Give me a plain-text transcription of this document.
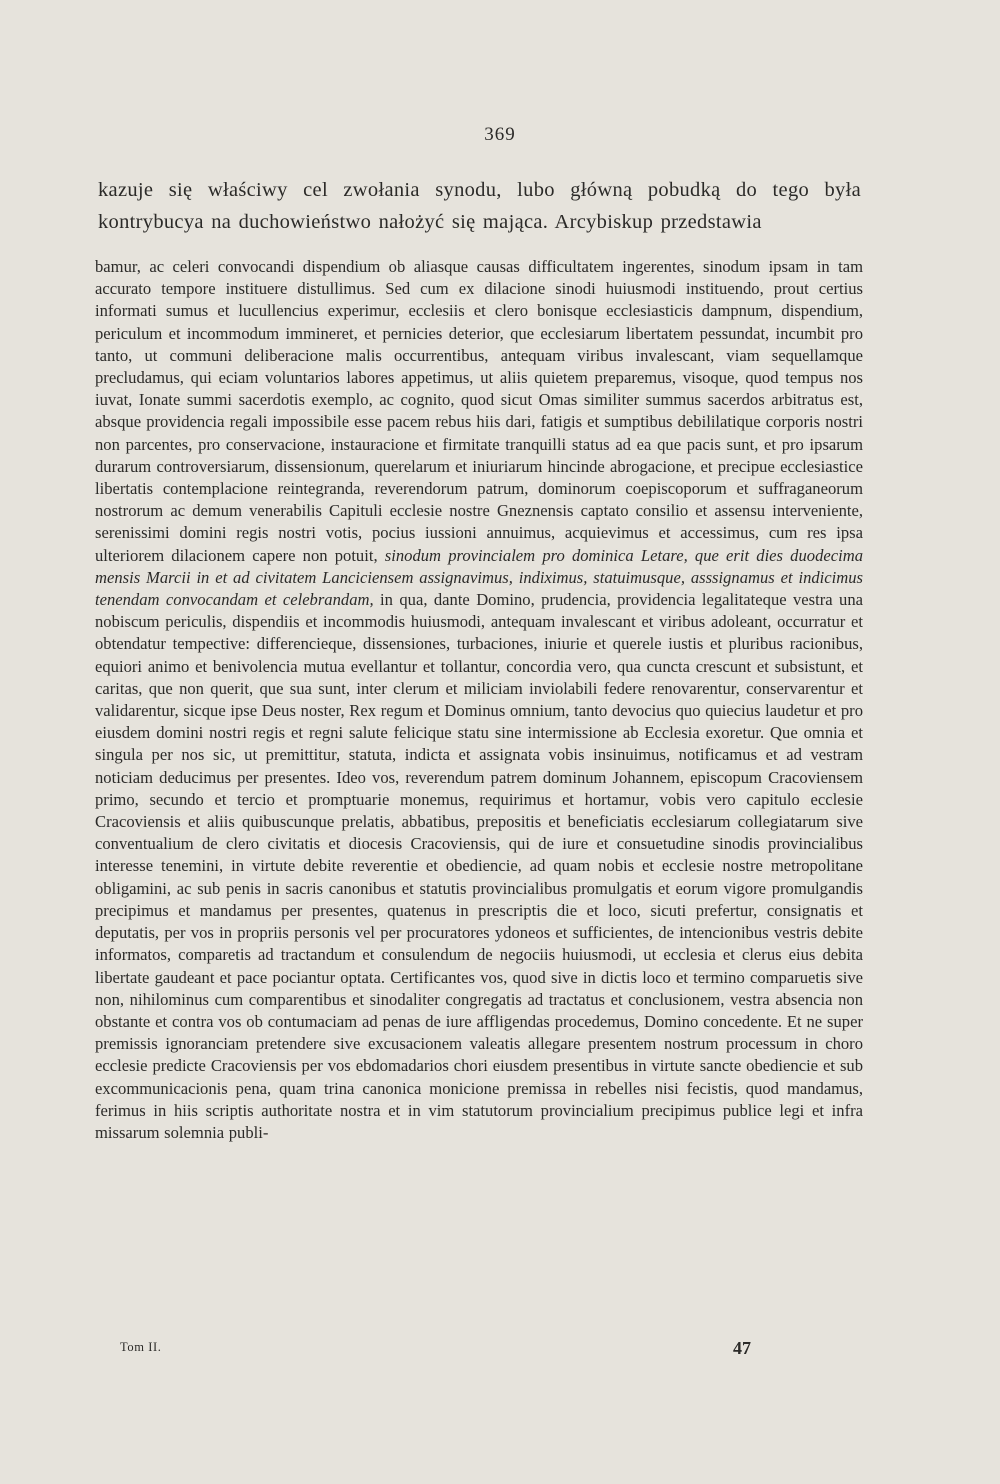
369
kazuje się właściwy cel zwołania synodu, lubo główną pobudką do tego była kontrybucya na duchowieństwo nałożyć się mająca. Arcybiskup przedstawia
bamur, ac celeri convocandi dispendium ob aliasque causas difficultatem ingerentes, sinodum ipsam in tam accurato tempore instituere distullimus. Sed cum ex dilacione sinodi huiusmodi instituendo, prout certius informati sumus et lucullencius experimur, ecclesiis et clero bonisque ecclesiasticis dampnum, dispendium, periculum et incommodum immineret, et pernicies deterior, que ecclesiarum libertatem pessundat, incumbit pro tanto, ut communi deliberacione malis occurrentibus, antequam viribus invalescant, viam sequellamque precludamus, qui eciam voluntarios labores appetimus, ut aliis quietem preparemus, visoque, quod tempus nos iuvat, Ionate summi sacerdotis exemplo, ac cognito, quod sicut Omas similiter summus sacerdos arbitratus est, absque providencia regali impossibile esse pacem rebus hiis dari, fatigis et sumptibus debililatique corporis nostri non parcentes, pro conservacione, instauracione et firmitate tranquilli status ad ea que pacis sunt, et pro ipsarum durarum controversiarum, dissensionum, querelarum et iniuriarum hincinde abrogacione, et precipue ecclesiastice libertatis contemplacione reintegranda, reverendorum patrum, dominorum coepiscoporum et suffraganeorum nostrorum ac demum venerabilis Capituli ecclesie nostre Gneznensis captato consilio et assensu interveniente, serenissimi domini regis nostri votis, pocius iussioni annuimus, acquievimus et accessimus, cum res ipsa ulteriorem dilacionem capere non potuit, sinodum provincialem pro dominica Letare, que erit dies duodecima mensis Marcii in et ad civitatem Lanciciensem assignavimus, indiximus, statuimusque, asssignamus et indicimus tenendam convocandam et celebrandam, in qua, dante Domino, prudencia, providencia legalitateque vestra una nobiscum periculis, dispendiis et incommodis huiusmodi, antequam invalescant et viribus adoleant, occurratur et obtendatur tempective: differencieque, dissensiones, turbaciones, iniurie et querele iustis et pluribus racionibus, equiori animo et benivolencia mutua evellantur et tollantur, concordia vero, qua cuncta crescunt et subsistunt, et caritas, que non querit, que sua sunt, inter clerum et miliciam inviolabili federe renovarentur, conservarentur et validarentur, sicque ipse Deus noster, Rex regum et Dominus omnium, tanto devocius quo quiecius laudetur et pro eiusdem domini nostri regis et regni salute felicique statu sine intermissione ab Ecclesia exoretur. Que omnia et singula per nos sic, ut premittitur, statuta, indicta et assignata vobis insinuimus, notificamus et ad vestram noticiam deducimus per presentes. Ideo vos, reverendum patrem dominum Johannem, episcopum Cracoviensem primo, secundo et tercio et promptuarie monemus, requirimus et hortamur, vobis vero capitulo ecclesie Cracoviensis et aliis quibuscunque prelatis, abbatibus, prepositis et beneficiatis ecclesiarum collegiatarum sive conventualium de clero civitatis et diocesis Cracoviensis, qui de iure et consuetudine sinodis provincialibus interesse tenemini, in virtute debite reverentie et obediencie, ad quam nobis et ecclesie nostre metropolitane obligamini, ac sub penis in sacris canonibus et statutis provincialibus promulgatis et eorum vigore promulgandis precipimus et mandamus per presentes, quatenus in prescriptis die et loco, sicuti prefertur, consignatis et deputatis, per vos in propriis personis vel per procuratores ydoneos et sufficientes, de intencionibus vestris debite informatos, comparetis ad tractandum et consulendum de negociis huiusmodi, ut ecclesia et clerus eius debita libertate gaudeant et pace pociantur optata. Certificantes vos, quod sive in dictis loco et termino comparuetis sive non, nihilominus cum comparentibus et sinodaliter congregatis ad tractatus et conclusionem, vestra absencia non obstante et contra vos ob contumaciam ad penas de iure affligendas procedemus, Domino concedente. Et ne super premissis ignoranciam pretendere sive excusacionem valeatis allegare presentem nostrum processum in choro ecclesie predicte Cracoviensis per vos ebdomadarios chori eiusdem presentibus in virtute sancte obediencie et sub excommunicacionis pena, quam trina canonica monicione premissa in rebelles nisi fecistis, quod mandamus, ferimus in hiis scriptis authoritate nostra et in vim statutorum provincialium precipimus publice legi et infra missarum solemnia publi-
Tom II.	47
